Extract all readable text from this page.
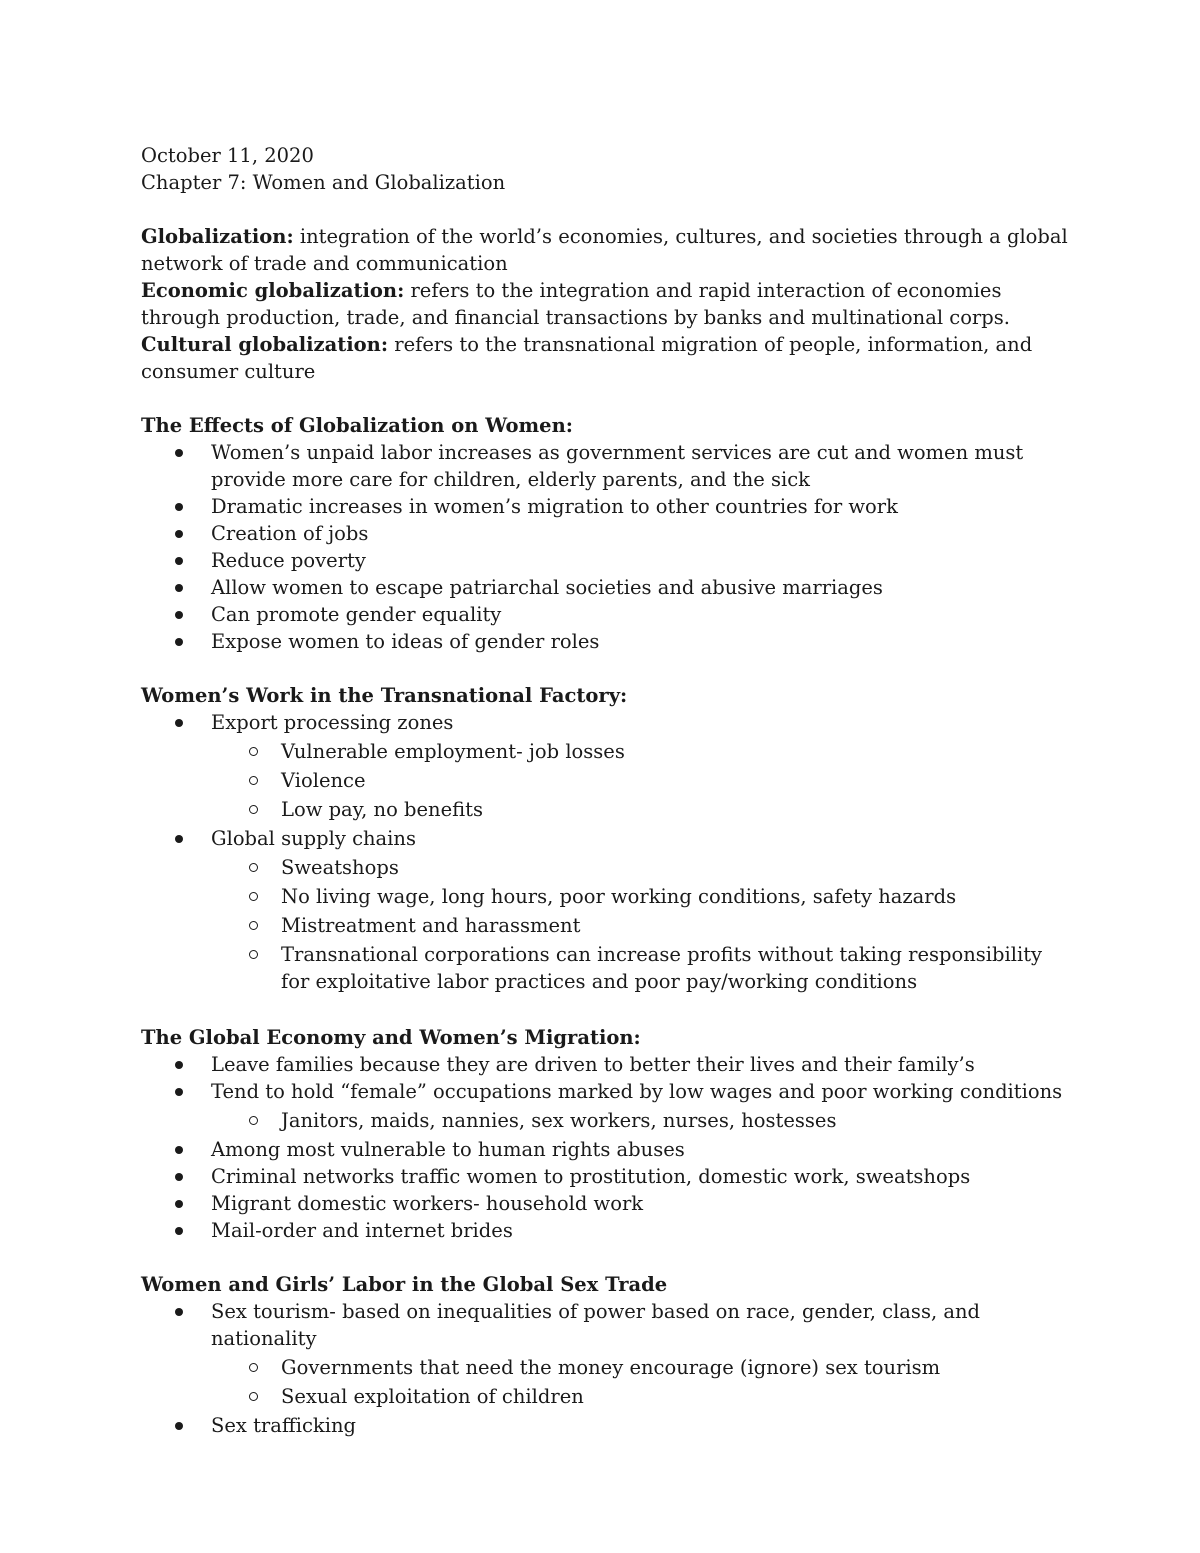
October 11, 2020

Chapter 7: Women and Globalization

Globalization: integration of the world’s economies, cultures, and societies through a global network of trade and communication

Economic globalization: refers to the integration and rapid interaction of economies through production, trade, and financial transactions by banks and multinational corps.

Cultural globalization: refers to the transnational migration of people, information, and consumer culture

The Effects of Globalization on Women:

Women’s unpaid labor increases as government services are cut and women must provide more care for children, elderly parents, and the sick
Dramatic increases in women’s migration to other countries for work
Creation of jobs
Reduce poverty
Allow women to escape patriarchal societies and abusive marriages
Can promote gender equality
Expose women to ideas of gender roles

Women’s Work in the Transnational Factory:

Export processing zones
Vulnerable employment- job losses
Violence
Low pay, no benefits
Global supply chains
Sweatshops
No living wage, long hours, poor working conditions, safety hazards
Mistreatment and harassment
Transnational corporations can increase profits without taking responsibility for exploitative labor practices and poor pay/working conditions

The Global Economy and Women’s Migration:

Leave families because they are driven to better their lives and their family’s
Tend to hold “female” occupations marked by low wages and poor working conditions
Janitors, maids, nannies, sex workers, nurses, hostesses
Among most vulnerable to human rights abuses
Criminal networks traffic women to prostitution, domestic work, sweatshops
Migrant domestic workers- household work
Mail-order and internet brides

Women and Girls’ Labor in the Global Sex Trade

Sex tourism- based on inequalities of power based on race, gender, class, and nationality
Governments that need the money encourage (ignore) sex tourism
Sexual exploitation of children
Sex trafficking
